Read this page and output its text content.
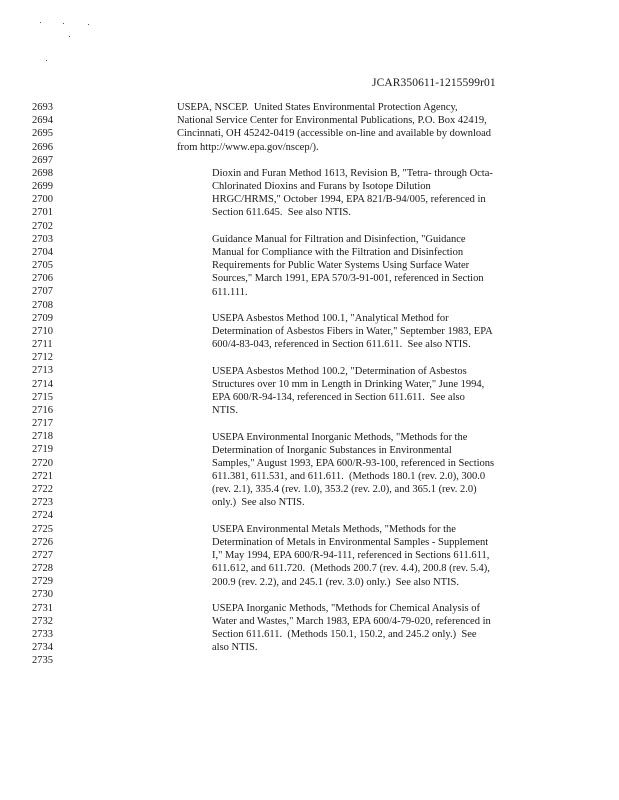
JCAR350611-1215599r01
2693
2694
2695
2696
2697
2698
2699
2700
2701
2702
2703
2704
2705
2706
2707
2708
2709
2710
2711
2712
2713
2714
2715
2716
2717
2718
2719
2720
2721
2722
2723
2724
2725
2726
2727
2728
2729
2730
2731
2732
2733
2734
2735
USEPA, NSCEP.  United States Environmental Protection Agency,
National Service Center for Environmental Publications, P.O. Box 42419,
Cincinnati, OH 45242-0419 (accessible on-line and available by download
from http://www.epa.gov/nscep/).
Dioxin and Furan Method 1613, Revision B, "Tetra- through Octa-
Chlorinated Dioxins and Furans by Isotope Dilution
HRGC/HRMS," October 1994, EPA 821/B-94/005, referenced in
Section 611.645.  See also NTIS.
Guidance Manual for Filtration and Disinfection, "Guidance
Manual for Compliance with the Filtration and Disinfection
Requirements for Public Water Systems Using Surface Water
Sources," March 1991, EPA 570/3-91-001, referenced in Section
611.111.
USEPA Asbestos Method 100.1, "Analytical Method for
Determination of Asbestos Fibers in Water," September 1983, EPA
600/4-83-043, referenced in Section 611.611.  See also NTIS.
USEPA Asbestos Method 100.2, "Determination of Asbestos
Structures over 10 mm in Length in Drinking Water," June 1994,
EPA 600/R-94-134, referenced in Section 611.611.  See also
NTIS.
USEPA Environmental Inorganic Methods, "Methods for the
Determination of Inorganic Substances in Environmental
Samples," August 1993, EPA 600/R-93-100, referenced in Sections
611.381, 611.531, and 611.611.  (Methods 180.1 (rev. 2.0), 300.0
(rev. 2.1), 335.4 (rev. 1.0), 353.2 (rev. 2.0), and 365.1 (rev. 2.0)
only.)  See also NTIS.
USEPA Environmental Metals Methods, "Methods for the
Determination of Metals in Environmental Samples - Supplement
I," May 1994, EPA 600/R-94-111, referenced in Sections 611.611,
611.612, and 611.720.  (Methods 200.7 (rev. 4.4), 200.8 (rev. 5.4),
200.9 (rev. 2.2), and 245.1 (rev. 3.0) only.)  See also NTIS.
USEPA Inorganic Methods, "Methods for Chemical Analysis of
Water and Wastes," March 1983, EPA 600/4-79-020, referenced in
Section 611.611.  (Methods 150.1, 150.2, and 245.2 only.)  See
also NTIS.
